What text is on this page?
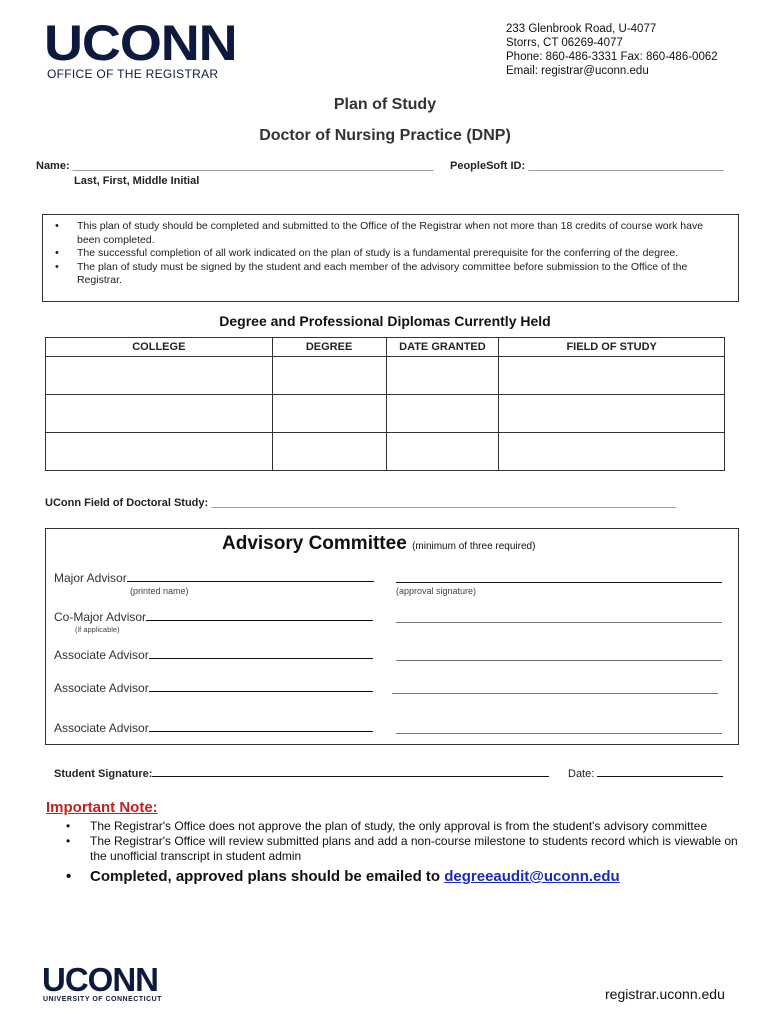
UCONN
OFFICE OF THE REGISTRAR
233 Glenbrook Road, U-4077
Storrs, CT 06269-4077
Phone: 860-486-3331 Fax: 860-486-0062
Email: registrar@uconn.edu
Plan of Study
Doctor of Nursing Practice (DNP)
Name: ___________________________________________________________ PeopleSoft ID: ________________________________
Last, First, Middle Initial
• This plan of study should be completed and submitted to the Office of the Registrar when not more than 18 credits of course work have been completed.
• The successful completion of all work indicated on the plan of study is a fundamental prerequisite for the conferring of the degree.
• The plan of study must be signed by the student and each member of the advisory committee before submission to the Office of the Registrar.
Degree and Professional Diplomas Currently Held
COLLEGE	DEGREE	DATE GRANTED	FIELD OF STUDY

UConn Field of Doctoral Study: ____________________________________________________________________________
Advisory Committee (minimum of three required)
Major Advisor
(printed name)	(approval signature)
Co-Major Advisor
(if applicable)
Associate Advisor
Associate Advisor
Associate Advisor
Student Signature:	Date:
Important Note:
• The Registrar's Office does not approve the plan of study, the only approval is from the student's advisory committee
• The Registrar's Office will review submitted plans and add a non-course milestone to students record which is viewable on the unofficial transcript in student admin
• Completed, approved plans should be emailed to degreeaudit@uconn.edu
UCONN
UNIVERSITY OF CONNECTICUT	registrar.uconn.edu
